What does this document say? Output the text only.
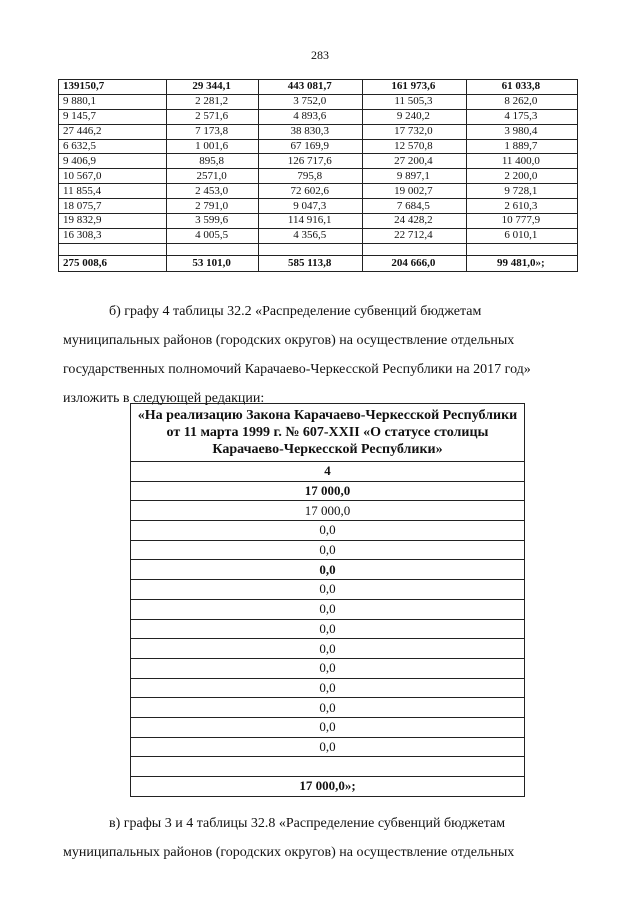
283
139150,7	29 344,1	443 081,7	161 973,6	61 033,8
9 880,1	2 281,2	3 752,0	11 505,3	8 262,0
9 145,7	2 571,6	4 893,6	9 240,2	4 175,3
27 446,2	7 173,8	38 830,3	17 732,0	3 980,4
6 632,5	1 001,6	67 169,9	12 570,8	1 889,7
9 406,9	895,8	126 717,6	27 200,4	11 400,0
10 567,0	2571,0	795,8	9 897,1	2 200,0
11 855,4	2 453,0	72 602,6	19 002,7	9 728,1
18 075,7	2 791,0	9 047,3	7 684,5	2 610,3
19 832,9	3 599,6	114 916,1	24 428,2	10 777,9
16 308,3	4 005,5	4 356,5	22 712,4	6 010,1

275 008,6	53 101,0	585 113,8	204 666,0	99 481,0»;

б) графу 4 таблицы 32.2 «Распределение субвенций бюджетам

муниципальных районов (городских округов) на осуществление отдельных

государственных полномочий Карачаево-Черкесской Республики на 2017 год»

изложить в следующей редакции:

«На реализацию Закона Карачаево-Черкесской Республики от 11 марта 1999 г. № 607-XXII «О статусе столицы Карачаево-Черкесской Республики»
4
17 000,0
17 000,0
0,0
0,0
0,0
0,0
0,0
0,0
0,0
0,0
0,0
0,0
0,0
0,0

17 000,0»;

в) графы 3 и 4 таблицы 32.8 «Распределение субвенций бюджетам

муниципальных районов (городских округов) на осуществление отдельных
